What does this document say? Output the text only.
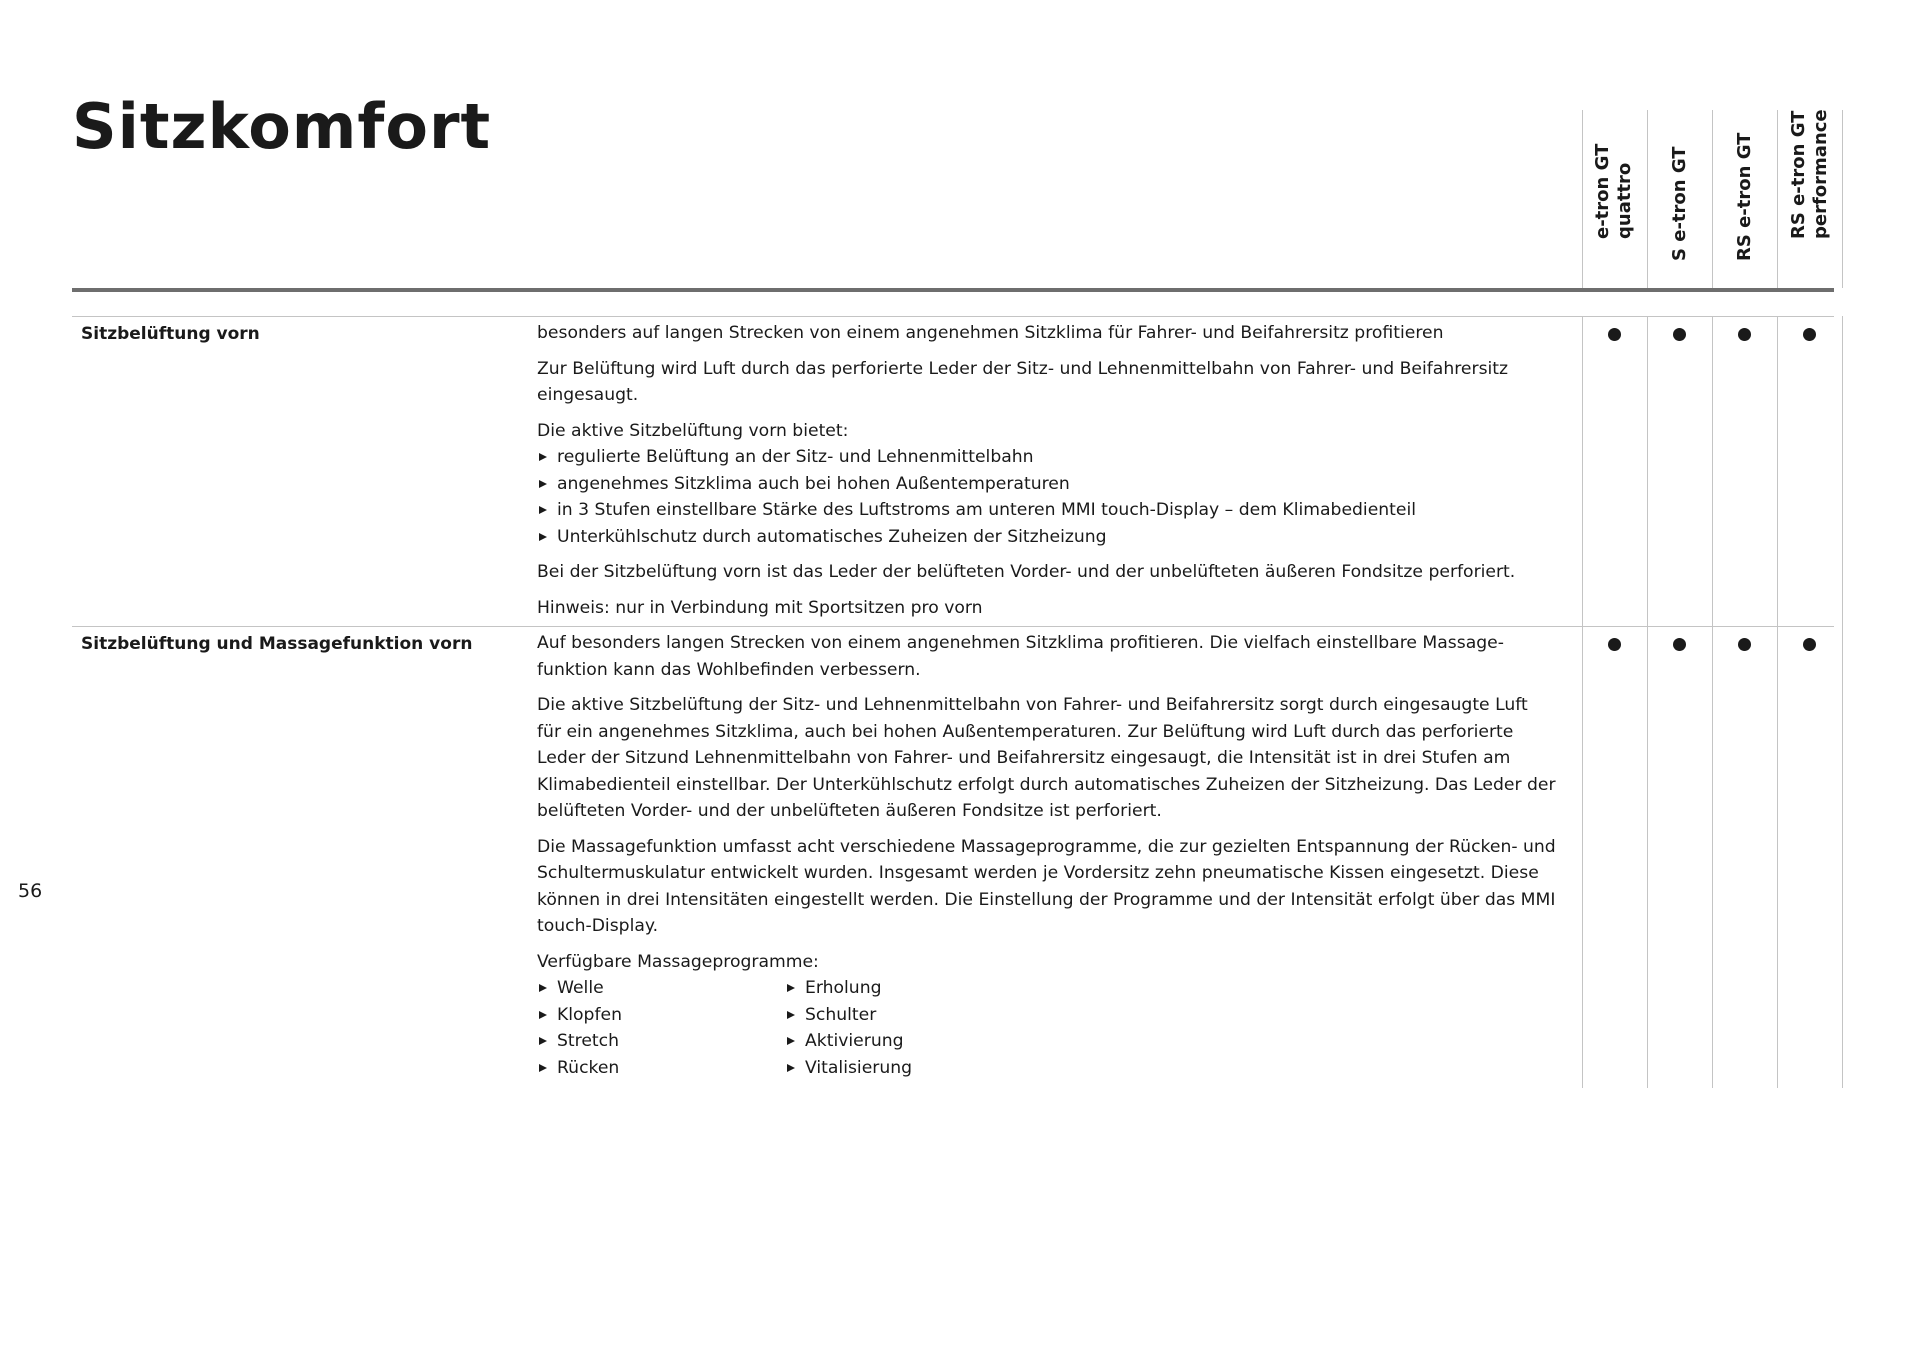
Sitzkomfort
e-tron GT quattro S e-tron GT RS e-tron GT RS e-tron GT performance
Sitzbelüftung vorn	besonders auf langen Strecken von einem angenehmen Sitzklima für Fahrer- und Beifahrersitz profitieren

Zur Belüftung wird Luft durch das perforierte Leder der Sitz- und Lehnenmittelbahn von Fahrer- und Beifahrersitz eingesaugt.

Die aktive Sitzbelüftung vorn bietet:

regulierte Belüftung an der Sitz- und Lehnenmittelbahn
angenehmes Sitzklima auch bei hohen Außentemperaturen
in 3 Stufen einstellbare Stärke des Luftstroms am unteren MMI touch-Display – dem Klimabedienteil
Unterkühlschutz durch automatisches Zuheizen der Sitzheizung

Bei der Sitzbelüftung vorn ist das Leder der belüfteten Vorder- und der unbelüfteten äußeren Fondsitze perforiert.

Hinweis: nur in Verbindung mit Sportsitzen pro vorn

Sitzbelüftung und Massagefunktion vorn	Auf besonders langen Strecken von einem angenehmen Sitzklima profitieren. Die vielfach einstellbare Massagefunktion kann das Wohlbefinden verbessern.

Die aktive Sitzbelüftung der Sitz- und Lehnenmittelbahn von Fahrer- und Beifahrersitz sorgt durch eingesaugte Luft für ein angenehmes Sitzklima, auch bei hohen Außentemperaturen. Zur Belüftung wird Luft durch das perforierte Leder der Sitzund Lehnenmittelbahn von Fahrer- und Beifahrersitz eingesaugt, die Intensität ist in drei Stufen am Klimabedienteil einstellbar. Der Unterkühlschutz erfolgt durch automatisches Zuheizen der Sitzheizung. Das Leder der belüfteten Vorder- und der unbelüfteten äußeren Fondsitze ist perforiert.

Die Massagefunktion umfasst acht verschiedene Massageprogramme, die zur gezielten Entspannung der Rücken- und Schultermuskulatur entwickelt wurden. Insgesamt werden je Vordersitz zehn pneumatische Kissen eingesetzt. Diese können in drei Intensitäten eingestellt werden. Die Einstellung der Programme und der Intensität erfolgt über das MMI touch-Display.

Verfügbare Massageprogramme:

Welle
Klopfen
Stretch
Rücken
Erholung
Schulter
Aktivierung
Vitalisierung
56
